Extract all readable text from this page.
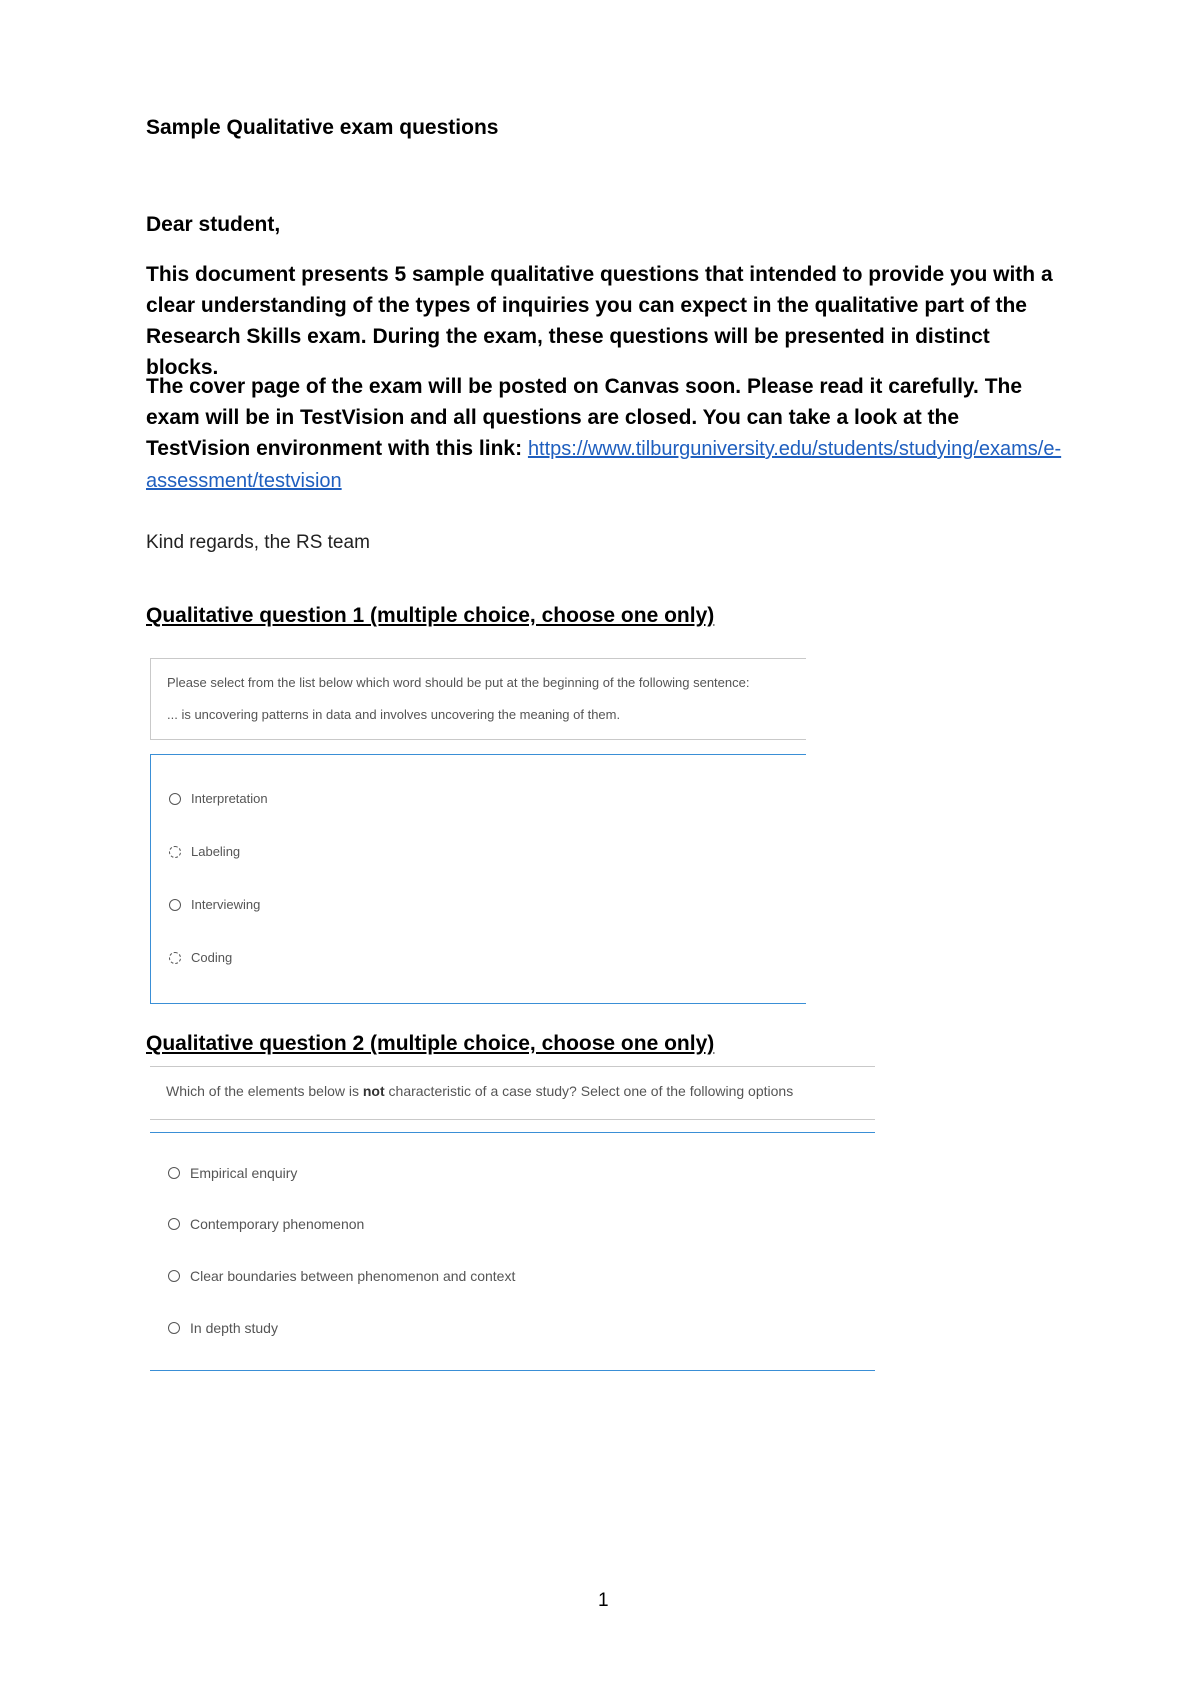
Sample Qualitative exam questions
Dear student,
This document presents 5 sample qualitative questions that intended to provide you with a clear understanding of the types of inquiries you can expect in the qualitative part of the Research Skills exam. During the exam, these questions will be presented in distinct blocks.
The cover page of the exam will be posted on Canvas soon. Please read it carefully. The exam will be in TestVision and all questions are closed. You can take a look at the TestVision environment with this link: https://www.tilburguniversity.edu/students/studying/exams/e-assessment/testvision
Kind regards, the RS team
Qualitative question 1 (multiple choice, choose one only)
Please select from the list below which word should be put at the beginning of the following sentence:
... is uncovering patterns in data and involves uncovering the meaning of them.
Interpretation
Labeling
Interviewing
Coding
Qualitative question 2 (multiple choice, choose one only)
Which of the elements below is not characteristic of a case study? Select one of the following options
Empirical enquiry
Contemporary phenomenon
Clear boundaries between phenomenon and context
In depth study
1
